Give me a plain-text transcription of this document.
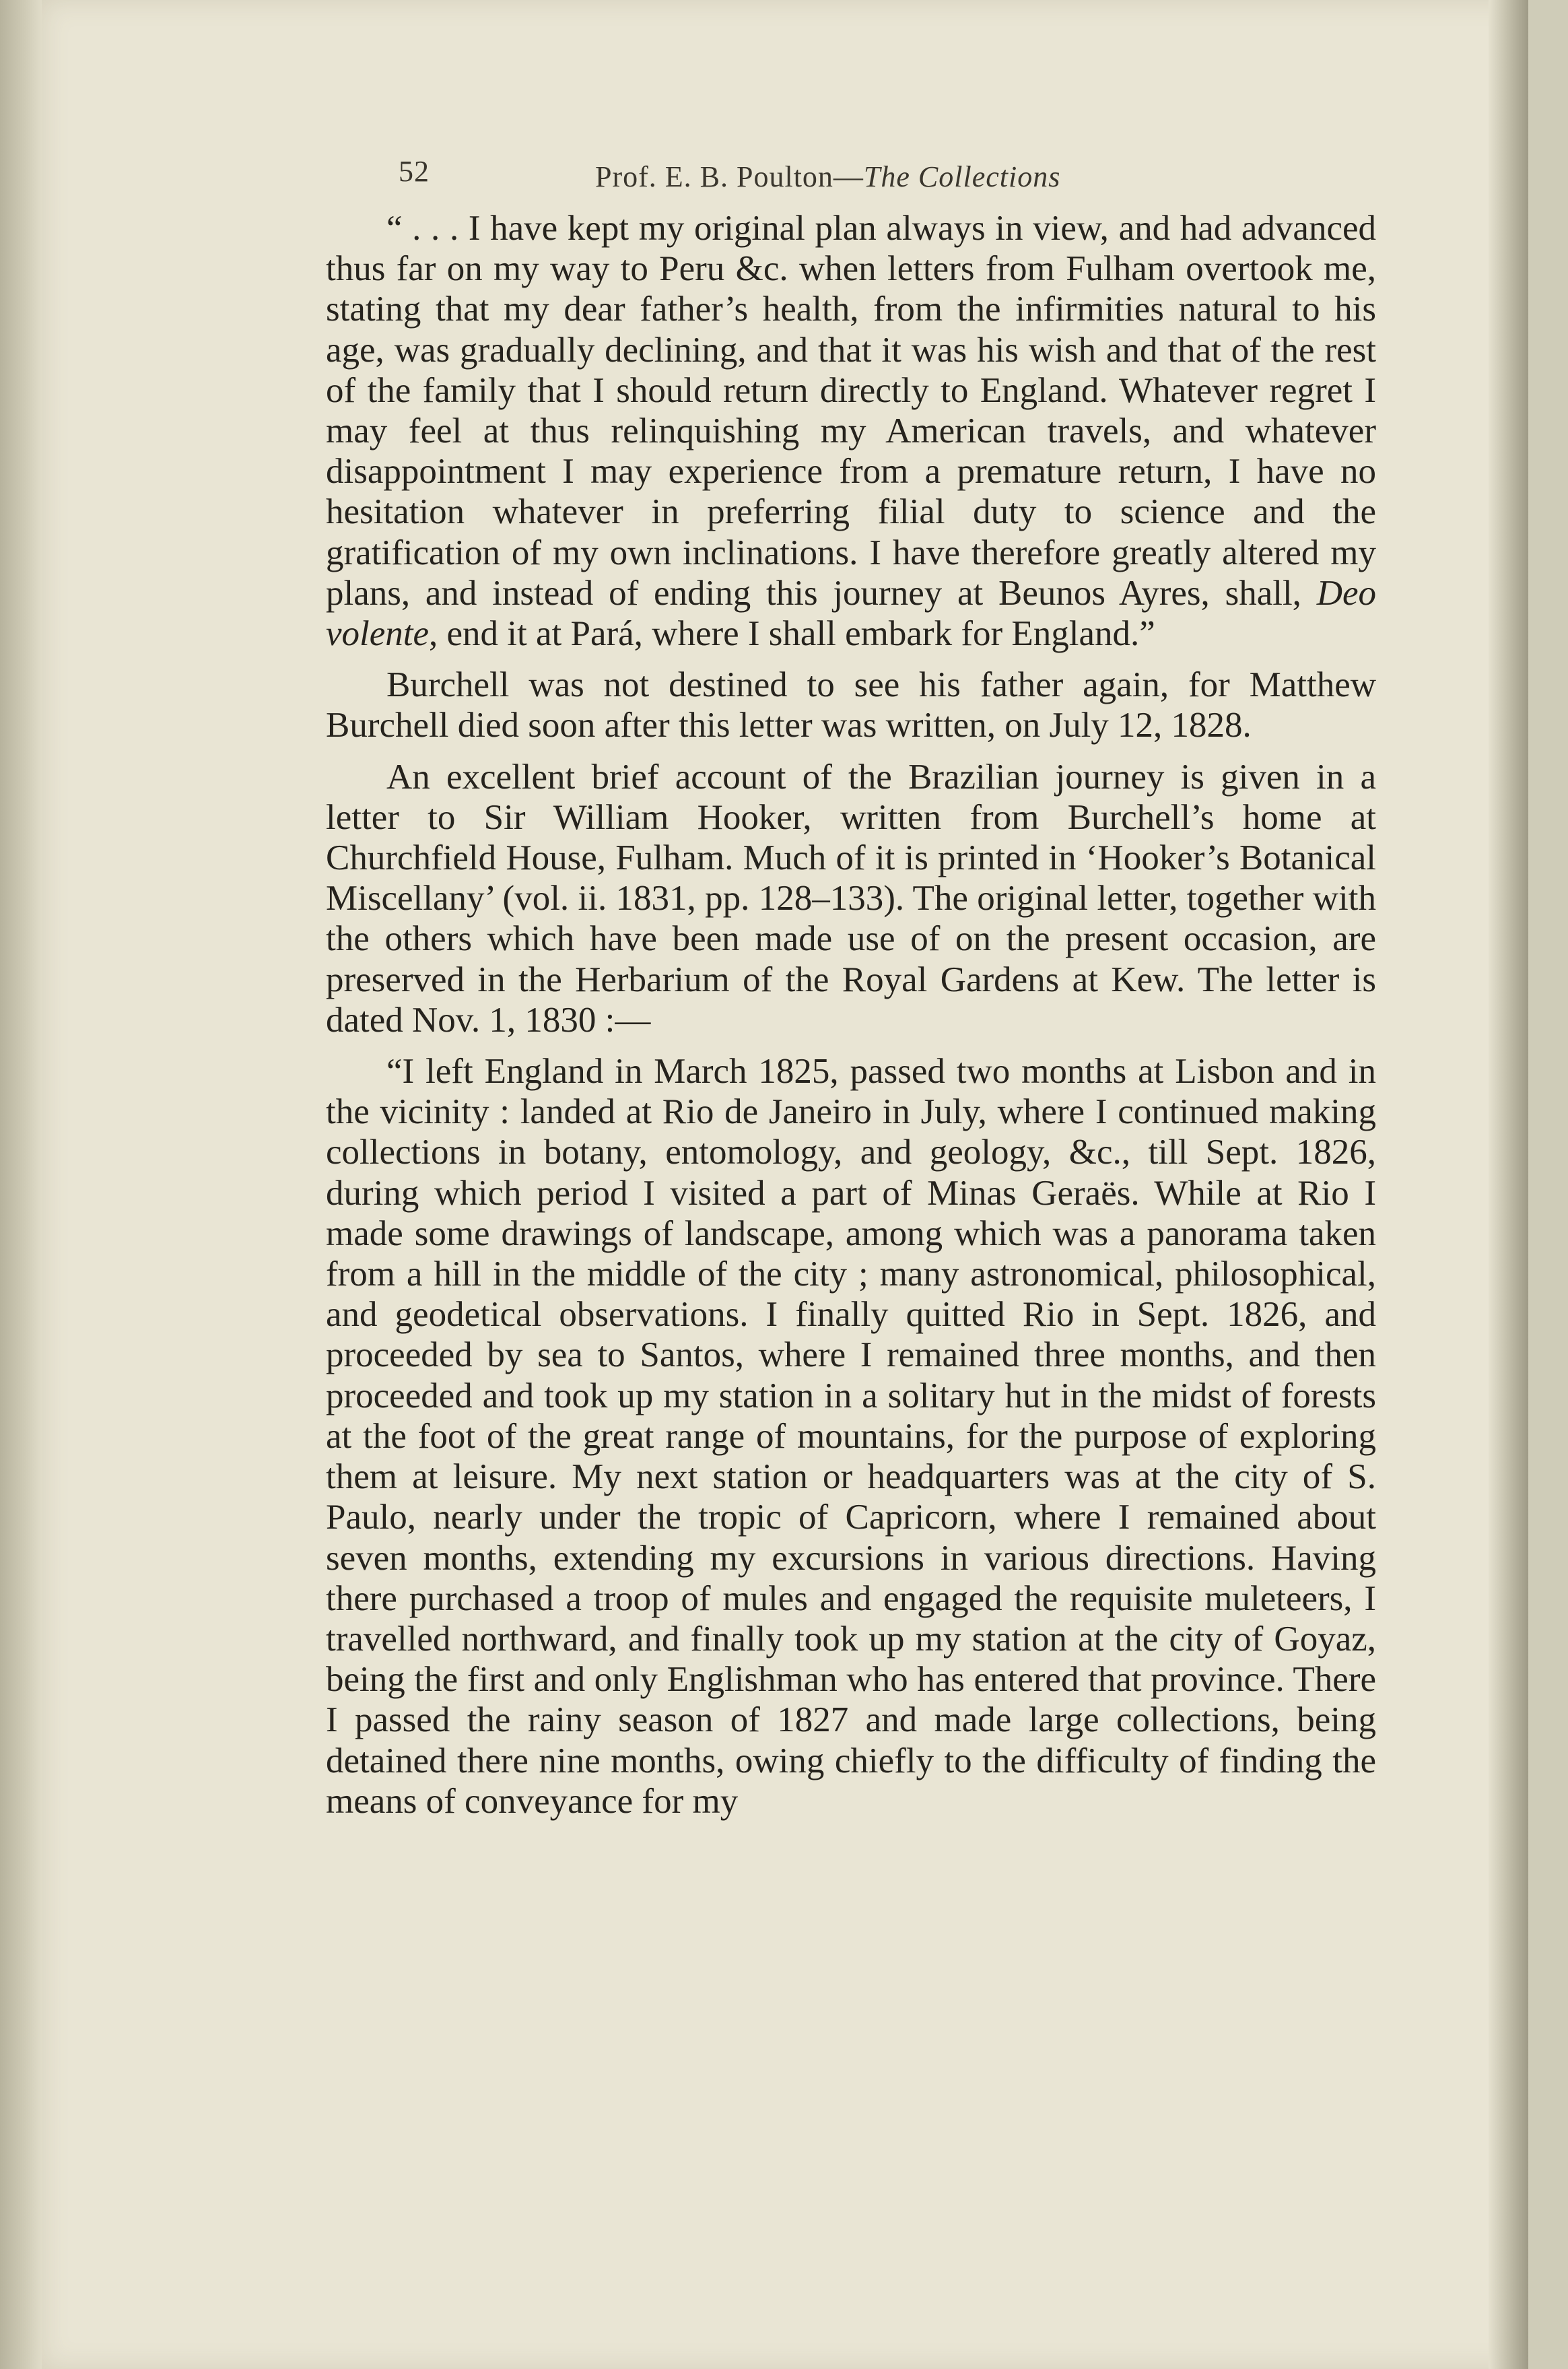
52	Prof. E. B. Poulton—The Collections

“ . . . I have kept my original plan always in view, and had advanced thus far on my way to Peru &c. when letters from Fulham overtook me, stating that my dear father’s health, from the infirmities natural to his age, was gradually declining, and that it was his wish and that of the rest of the family that I should return directly to England. Whatever regret I may feel at thus relinquishing my American travels, and whatever disappointment I may experience from a premature return, I have no hesitation whatever in preferring filial duty to science and the gratification of my own inclinations. I have therefore greatly altered my plans, and instead of ending this journey at Beunos Ayres, shall, Deo volente, end it at Pará, where I shall embark for England.”

Burchell was not destined to see his father again, for Matthew Burchell died soon after this letter was written, on July 12, 1828.

An excellent brief account of the Brazilian journey is given in a letter to Sir William Hooker, written from Burchell’s home at Churchfield House, Fulham. Much of it is printed in ‘Hooker’s Botanical Miscellany’ (vol. ii. 1831, pp. 128–133). The original letter, together with the others which have been made use of on the present occasion, are preserved in the Herbarium of the Royal Gardens at Kew. The letter is dated Nov. 1, 1830 :—

“I left England in March 1825, passed two months at Lisbon and in the vicinity : landed at Rio de Janeiro in July, where I continued making collections in botany, entomology, and geology, &c., till Sept. 1826, during which period I visited a part of Minas Geraës. While at Rio I made some drawings of landscape, among which was a panorama taken from a hill in the middle of the city ; many astronomical, philosophical, and geodetical observations. I finally quitted Rio in Sept. 1826, and proceeded by sea to Santos, where I remained three months, and then proceeded and took up my station in a solitary hut in the midst of forests at the foot of the great range of mountains, for the purpose of exploring them at leisure. My next station or headquarters was at the city of S. Paulo, nearly under the tropic of Capricorn, where I remained about seven months, extending my excursions in various directions. Having there purchased a troop of mules and engaged the requisite muleteers, I travelled northward, and finally took up my station at the city of Goyaz, being the first and only Englishman who has entered that province. There I passed the rainy season of 1827 and made large collections, being detained there nine months, owing chiefly to the difficulty of finding the means of conveyance for my
